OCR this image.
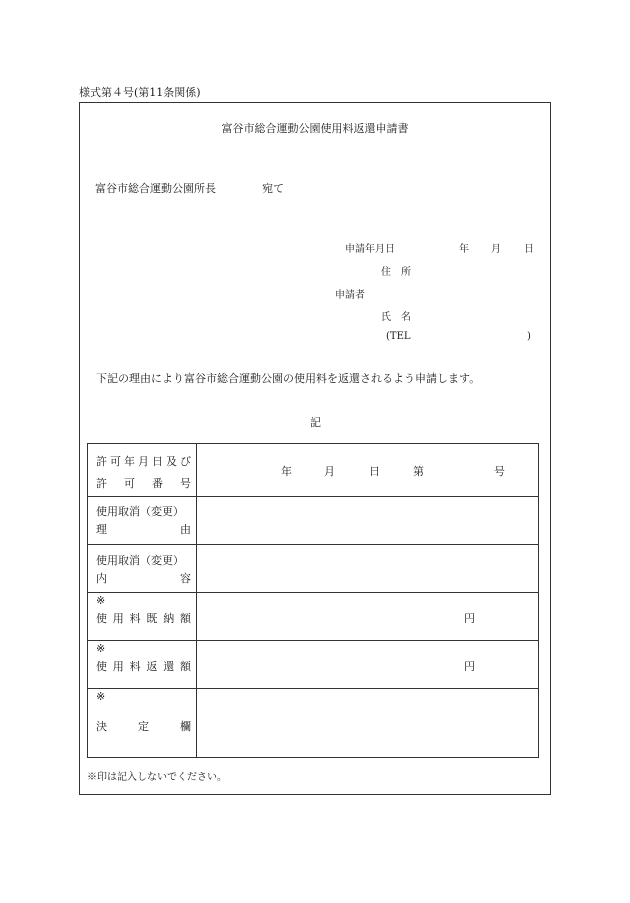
様式第４号(第11条関係)
富谷市総合運動公園使用料返還申請書
富谷市総合運動公園所長	宛て
申請年月日	年 月 日
住　所
申請者
氏　名
(TEL	)
下記の理由により富谷市総合運動公園の使用料を返還されるよう申請します。
記
許 可 年 月 日 及 び
許 可 番 号
年	月	日	第	号
使用取消（変更）
理	由
使用取消（変更）
内	容
※
使 用 料 既 納 額	円
※
使 用 料 返 還 額	円
※
決	定	欄
※印は記入しないでください。
